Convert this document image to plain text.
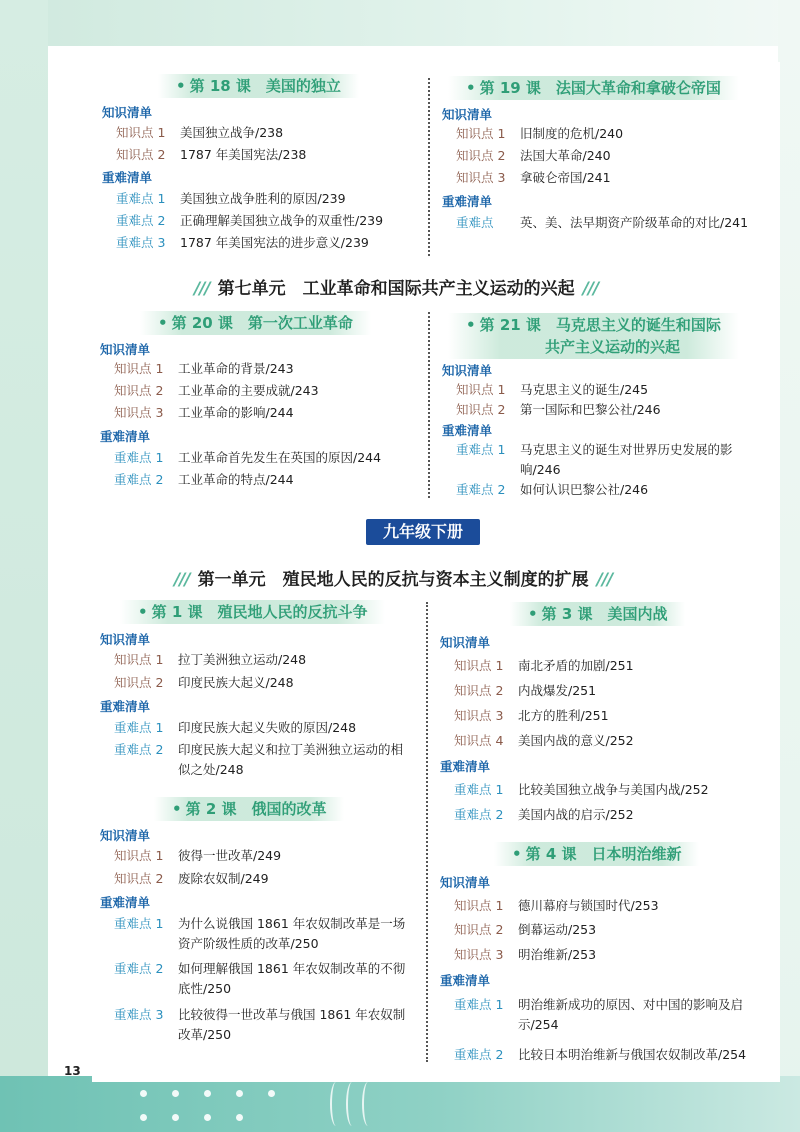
13
• 第 18 课　美国的独立
知识清单
知识点 1 美国独立战争/238
知识点 2 1787 年美国宪法/238
重难清单
重难点 1 美国独立战争胜利的原因/239
重难点 2 正确理解美国独立战争的双重性/239
重难点 3 1787 年美国宪法的进步意义/239
• 第 19 课　法国大革命和拿破仑帝国
知识清单
知识点 1 旧制度的危机/240
知识点 2 法国大革命/240
知识点 3 拿破仑帝国/241
重难清单
重难点 英、美、法早期资产阶级革命的对比/241
/// 第七单元　工业革命和国际共产主义运动的兴起 ///
• 第 20 课　第一次工业革命
知识清单
知识点 1 工业革命的背景/243
知识点 2 工业革命的主要成就/243
知识点 3 工业革命的影响/244
重难清单
重难点 1 工业革命首先发生在英国的原因/244
重难点 2 工业革命的特点/244
• 第 21 课　马克思主义的诞生和国际
共产主义运动的兴起
知识清单
知识点 1 马克思主义的诞生/245
知识点 2 第一国际和巴黎公社/246
重难清单
重难点 1 马克思主义的诞生对世界历史发展的影响/246
重难点 2 如何认识巴黎公社/246
九年级下册
/// 第一单元　殖民地人民的反抗与资本主义制度的扩展 ///
• 第 1 课　殖民地人民的反抗斗争
知识清单
知识点 1 拉丁美洲独立运动/248
知识点 2 印度民族大起义/248
重难清单
重难点 1 印度民族大起义失败的原因/248
重难点 2 印度民族大起义和拉丁美洲独立运动的相似之处/248
• 第 2 课　俄国的改革
知识清单
知识点 1 彼得一世改革/249
知识点 2 废除农奴制/249
重难清单
重难点 1 为什么说俄国 1861 年农奴制改革是一场资产阶级性质的改革/250
重难点 2 如何理解俄国 1861 年农奴制改革的不彻底性/250
重难点 3 比较彼得一世改革与俄国 1861 年农奴制改革/250
• 第 3 课　美国内战
知识清单
知识点 1 南北矛盾的加剧/251
知识点 2 内战爆发/251
知识点 3 北方的胜利/251
知识点 4 美国内战的意义/252
重难清单
重难点 1 比较美国独立战争与美国内战/252
重难点 2 美国内战的启示/252
• 第 4 课　日本明治维新
知识清单
知识点 1 德川幕府与锁国时代/253
知识点 2 倒幕运动/253
知识点 3 明治维新/253
重难清单
重难点 1 明治维新成功的原因、对中国的影响及启示/254
重难点 2 比较日本明治维新与俄国农奴制改革/254
